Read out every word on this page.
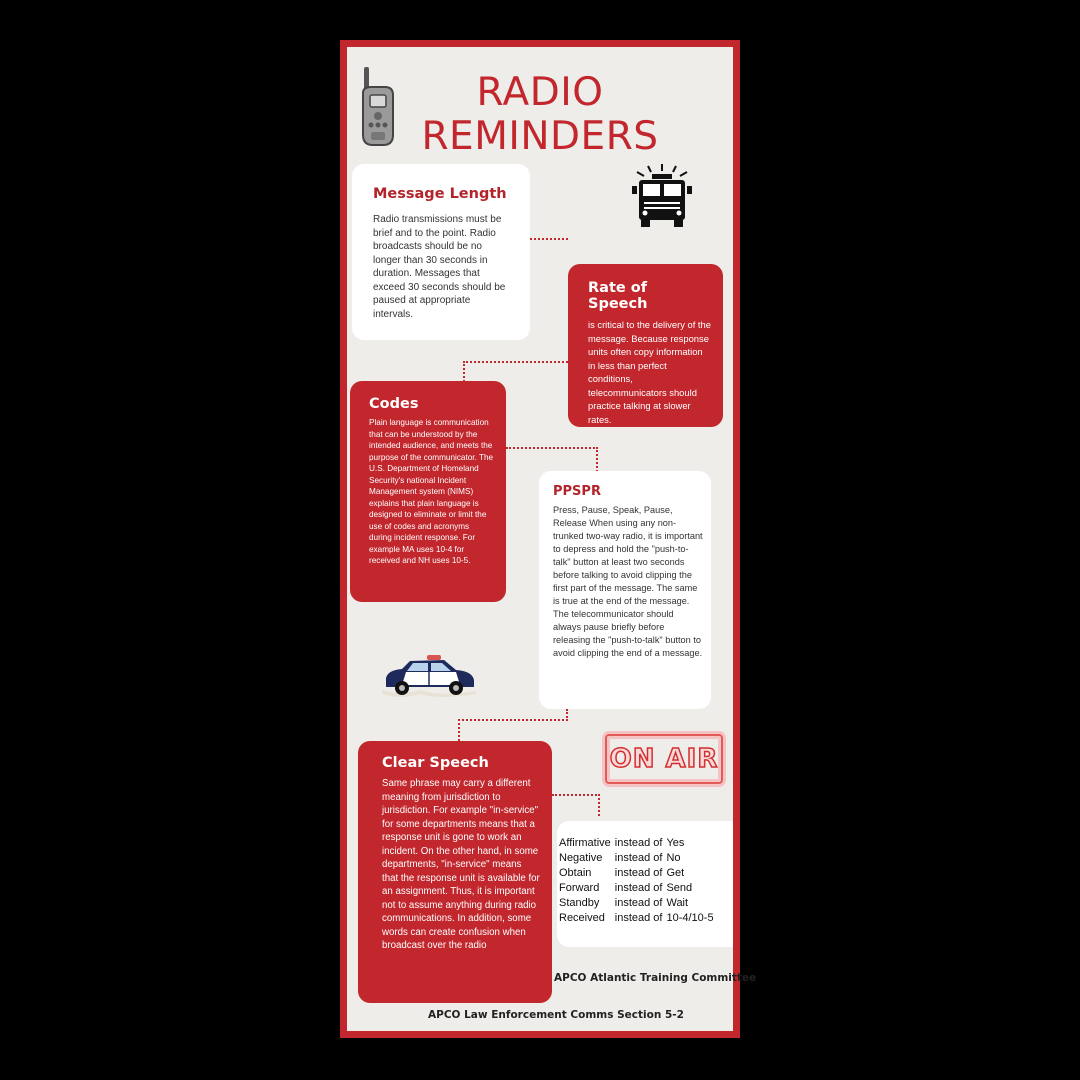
RADIO
REMINDERS
Message Length

Radio transmissions must be brief and to the point. Radio broadcasts should be no longer than 30 seconds in duration. Messages that exceed 30 seconds should be paused at appropriate intervals.

Rate of Speech

is critical to the delivery of the message. Because response units often copy information in less than perfect conditions, telecommunicators should practice talking at slower rates.

Codes

Plain language is communication that can be understood by the intended audience, and meets the purpose of the communicator. The U.S. Department of Homeland Security's national Incident Management system (NIMS) explains that plain language is designed to eliminate or limit the use of codes and acronyms during incident response. For example MA uses 10-4 for received and NH uses 10-5.

PPSPR

Press, Pause, Speak, Pause, Release When using any non-trunked two-way radio, it is important to depress and hold the "push-to-talk" button at least two seconds before talking to avoid clipping the first part of the message. The same is true at the end of the message. The telecommunicator should always pause briefly before releasing the "push-to-talk" button to avoid clipping the end of a message.

ON AIR
Clear Speech

Same phrase may carry a different meaning from jurisdiction to jurisdiction. For example "in-service" for some departments means that a response unit is gone to work an incident. On the other hand, in some departments, "in-service" means that the response unit is available for an assignment. Thus, it is important not to assume anything during radio communications. In addition, some words can create confusion when broadcast over the radio

Affirmative	instead of	Yes
Negative	instead of	No
Obtain	instead of	Get
Forward	instead of	Send
Standby	instead of	Wait
Received	instead of	10-4/10-5
APCO Atlantic Training Committee
APCO Law Enforcement Comms Section 5-2
